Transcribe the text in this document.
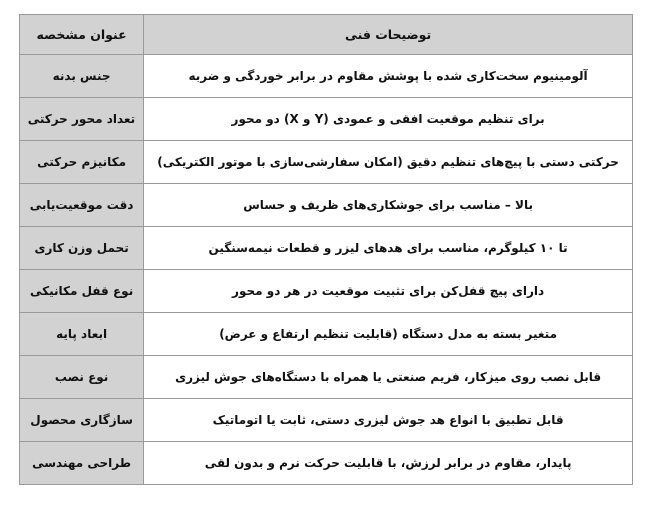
عنوان مشخصه	توضیحات فنی
جنس بدنه	آلومینیوم سخت‌کاری شده با پوشش مقاوم در برابر خوردگی و ضربه
تعداد محور حرکتی	برای تنظیم موقعیت افقی و عمودی (Y و X) دو محور
مکانیزم حرکتی	حرکتی دستی با پیچ‌های تنظیم دقیق (امکان سفارشی‌سازی با موتور الکتریکی)
دقت موقعیت‌یابی	بالا – مناسب برای جوشکاری‌های ظریف و حساس
تحمل وزن کاری	تا ۱۰ کیلوگرم، مناسب برای هدهای لیزر و قطعات نیمه‌سنگین
نوع قفل مکانیکی	دارای پیچ قفل‌کن برای تثبیت موقعیت در هر دو محور
ابعاد پایه	متغیر بسته به مدل دستگاه (قابلیت تنظیم ارتفاع و عرض)
نوع نصب	قابل نصب روی میزکار، فریم صنعتی یا همراه با دستگاه‌های جوش لیزری
سازگاری محصول	قابل تطبیق با انواع هد جوش لیزری دستی، ثابت یا اتوماتیک
طراحی مهندسی	پایدار، مقاوم در برابر لرزش، با قابلیت حرکت نرم و بدون لقی
